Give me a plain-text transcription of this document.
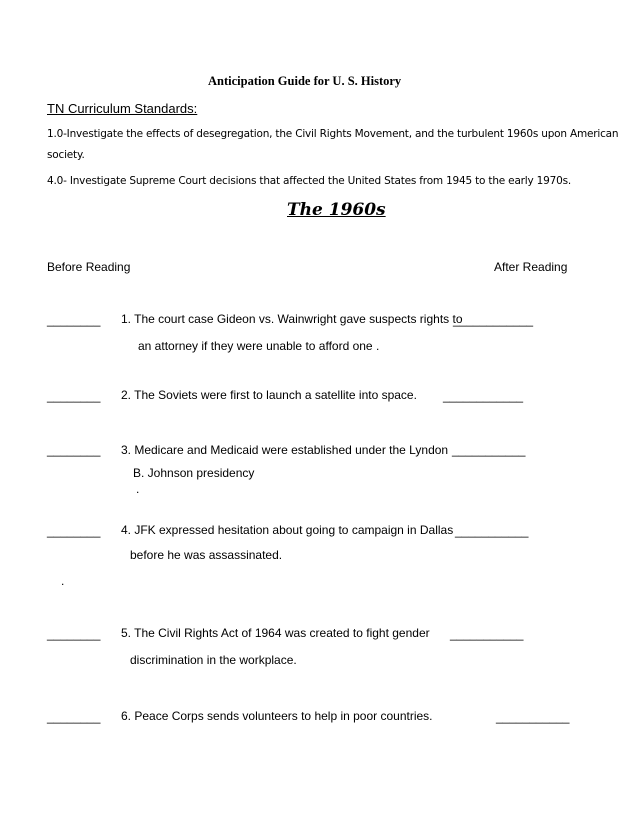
Anticipation Guide for U. S. History
TN Curriculum Standards:
1.0-Investigate the effects of desegregation, the Civil Rights Movement, and the turbulent 1960s upon American
society.
4.0- Investigate Supreme Court decisions that affected the United States from 1945 to the early 1970s.
The 1960s
Before Reading	After Reading
________ 1. The court case Gideon vs. Wainwright gave suspects rights to
____________
an attorney if they were unable to afford one .
________ 2. The Soviets were first to launch a satellite into space. ____________
________ 3. Medicare and Medicaid were established under the Lyndon ___________
B. Johnson presidency
.
________ 4. JFK expressed hesitation about going to campaign in Dallas ___________
before he was assassinated.
.
________ 5. The Civil Rights Act of 1964 was created to fight gender ___________
discrimination in the workplace.
________ 6. Peace Corps sends volunteers to help in poor countries.	___________
